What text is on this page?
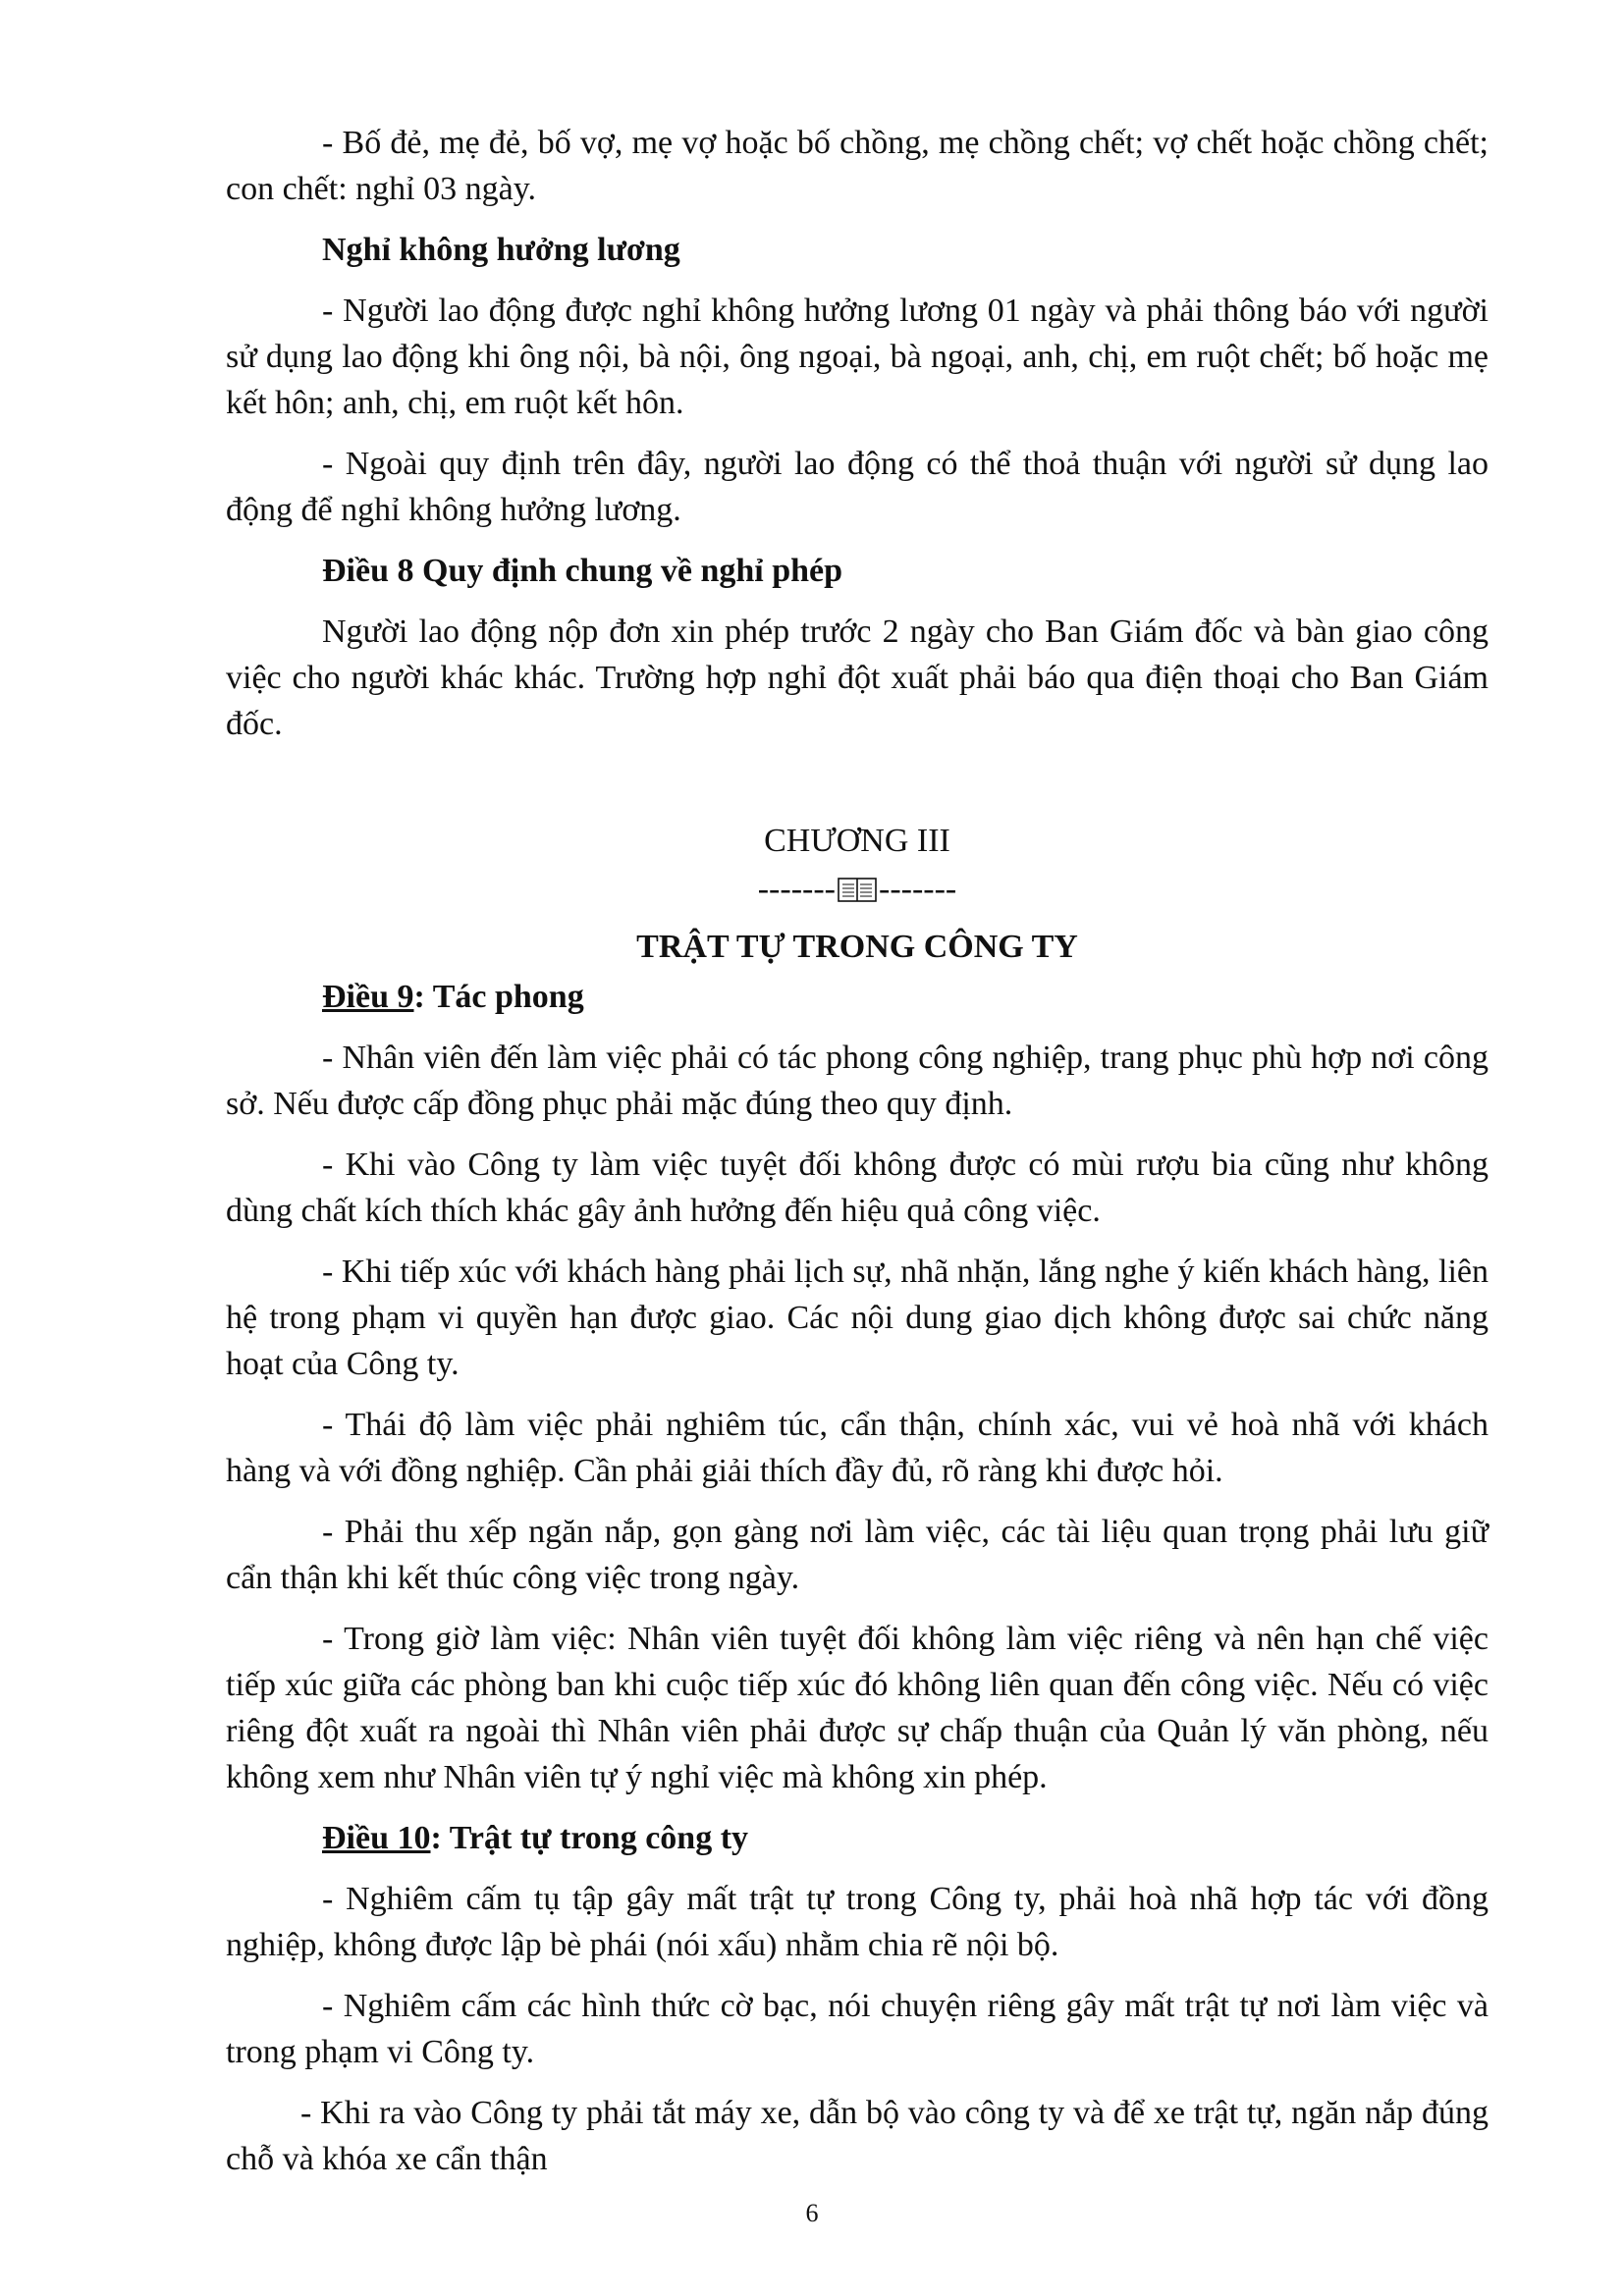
- Bố đẻ, mẹ đẻ, bố vợ, mẹ vợ hoặc bố chồng, mẹ chồng chết; vợ chết hoặc chồng chết; con chết: nghỉ 03 ngày.

Nghỉ không hưởng lương

- Người lao động được nghỉ không hưởng lương 01 ngày và phải thông báo với người sử dụng lao động khi ông nội, bà nội, ông ngoại, bà ngoại, anh, chị, em ruột chết; bố hoặc mẹ kết hôn; anh, chị, em ruột kết hôn.

- Ngoài quy định trên đây, người lao động có thể thoả thuận với người sử dụng lao động để nghỉ không hưởng lương.

Điều 8 Quy định chung về nghỉ phép

Người lao động nộp đơn xin phép trước 2 ngày cho Ban Giám đốc và bàn giao công việc cho người khác khác. Trường hợp nghỉ đột xuất phải báo qua điện thoại cho Ban Giám đốc.

CHƯƠNG III

------- -------

TRẬT TỰ TRONG CÔNG TY

Điều 9: Tác phong

- Nhân viên đến làm việc phải có tác phong công nghiệp, trang phục phù hợp nơi công sở. Nếu được cấp đồng phục phải mặc đúng theo quy định.

- Khi vào Công ty làm việc tuyệt đối không được có mùi rượu bia cũng như không dùng chất kích thích khác gây ảnh hưởng đến hiệu quả công việc.

- Khi tiếp xúc với khách hàng phải lịch sự, nhã nhặn, lắng nghe ý kiến khách hàng, liên hệ trong phạm vi quyền hạn được giao. Các nội dung giao dịch không được sai chức năng hoạt của Công ty.

- Thái độ làm việc phải nghiêm túc, cẩn thận, chính xác, vui vẻ hoà nhã với khách hàng và với đồng nghiệp. Cần phải giải thích đầy đủ, rõ ràng khi được hỏi.

- Phải thu xếp ngăn nắp, gọn gàng nơi làm việc, các tài liệu quan trọng phải lưu giữ cẩn thận khi kết thúc công việc trong ngày.

- Trong giờ làm việc: Nhân viên tuyệt đối không làm việc riêng và nên hạn chế việc tiếp xúc giữa các phòng ban khi cuộc tiếp xúc đó không liên quan đến công việc. Nếu có việc riêng đột xuất ra ngoài thì Nhân viên phải được sự chấp thuận của Quản lý văn phòng, nếu không xem như Nhân viên tự ý nghỉ việc mà không xin phép.

Điều 10: Trật tự trong công ty

- Nghiêm cấm tụ tập gây mất trật tự trong Công ty, phải hoà nhã hợp tác với đồng nghiệp, không được lập bè phái (nói xấu) nhằm chia rẽ nội bộ.

- Nghiêm cấm các hình thức cờ bạc, nói chuyện riêng gây mất trật tự nơi làm việc và trong phạm vi Công ty.

- Khi ra vào Công ty phải tắt máy xe, dẫn bộ vào công ty và để xe trật tự, ngăn nắp đúng chỗ và khóa xe cẩn thận

6
